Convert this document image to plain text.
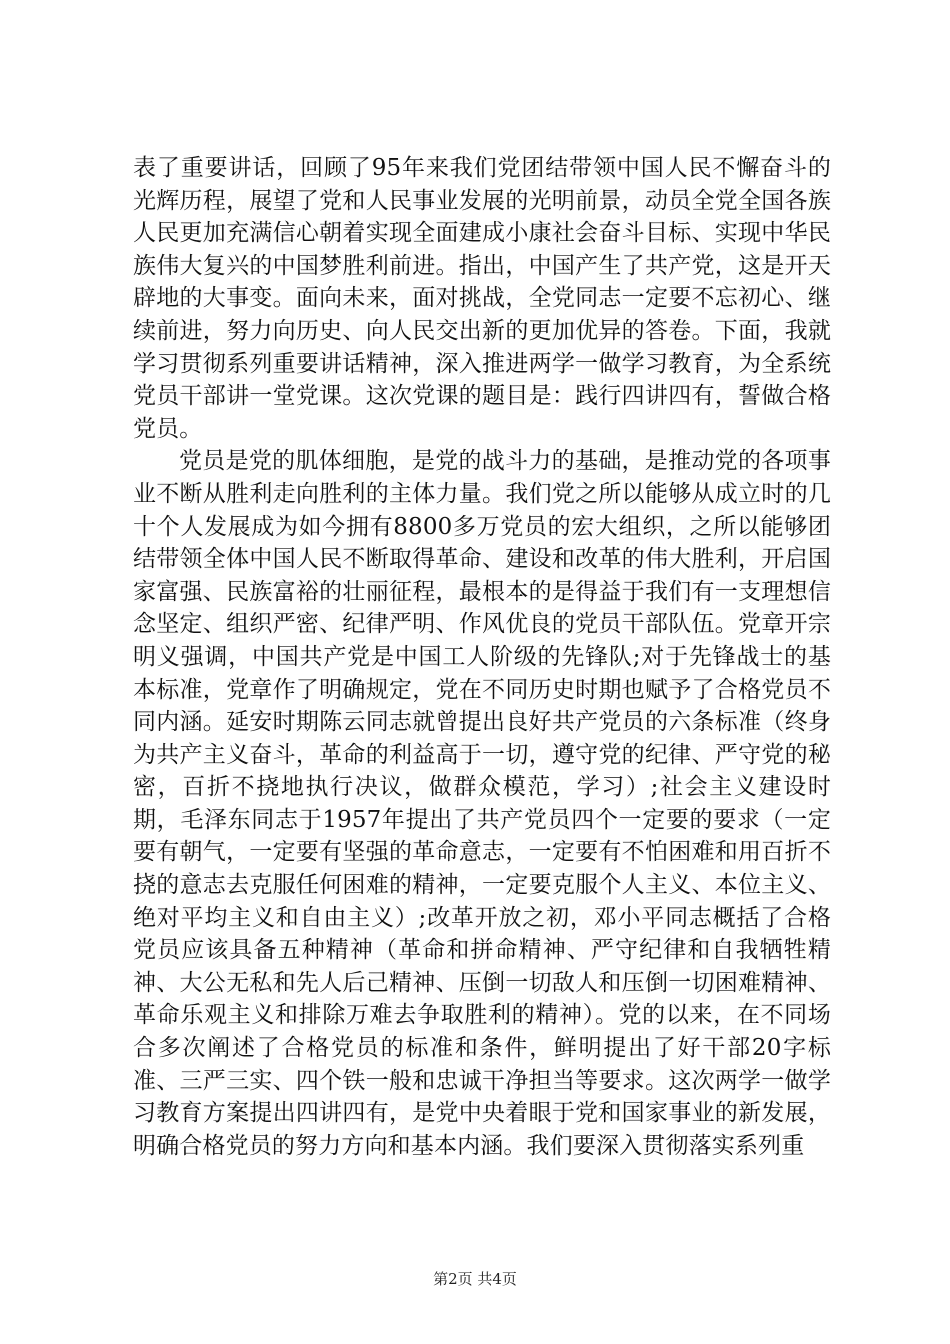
表了重要讲话，回顾了95年来我们党团结带领中国人民不懈奋斗的光辉历程，展望了党和人民事业发展的光明前景，动员全党全国各族人民更加充满信心朝着实现全面建成小康社会奋斗目标、实现中华民族伟大复兴的中国梦胜利前进。指出，中国产生了共产党，这是开天辟地的大事变。面向未来，面对挑战，全党同志一定要不忘初心、继续前进，努力向历史、向人民交出新的更加优异的答卷。下面，我就学习贯彻系列重要讲话精神，深入推进两学一做学习教育，为全系统党员干部讲一堂党课。这次党课的题目是：践行四讲四有，誓做合格党员。

党员是党的肌体细胞，是党的战斗力的基础，是推动党的各项事业不断从胜利走向胜利的主体力量。我们党之所以能够从成立时的几十个人发展成为如今拥有8800多万党员的宏大组织，之所以能够团结带领全体中国人民不断取得革命、建设和改革的伟大胜利，开启国家富强、民族富裕的壮丽征程，最根本的是得益于我们有一支理想信念坚定、组织严密、纪律严明、作风优良的党员干部队伍。党章开宗明义强调，中国共产党是中国工人阶级的先锋队;对于先锋战士的基本标准，党章作了明确规定，党在不同历史时期也赋予了合格党员不同内涵。延安时期陈云同志就曾提出良好共产党员的六条标准（终身为共产主义奋斗，革命的利益高于一切，遵守党的纪律、严守党的秘密，百折不挠地执行决议，做群众模范，学习）;社会主义建设时期，毛泽东同志于1957年提出了共产党员四个一定要的要求（一定要有朝气，一定要有坚强的革命意志，一定要有不怕困难和用百折不挠的意志去克服任何困难的精神，一定要克服个人主义、本位主义、绝对平均主义和自由主义）;改革开放之初，邓小平同志概括了合格党员应该具备五种精神（革命和拼命精神、严守纪律和自我牺牲精神、大公无私和先人后己精神、压倒一切敌人和压倒一切困难精神、革命乐观主义和排除万难去争取胜利的精神）。党的以来，在不同场合多次阐述了合格党员的标准和条件，鲜明提出了好干部20字标准、三严三实、四个铁一般和忠诚干净担当等要求。这次两学一做学习教育方案提出四讲四有，是党中央着眼于党和国家事业的新发展，明确合格党员的努力方向和基本内涵。我们要深入贯彻落实系列重

第2页 共4页
